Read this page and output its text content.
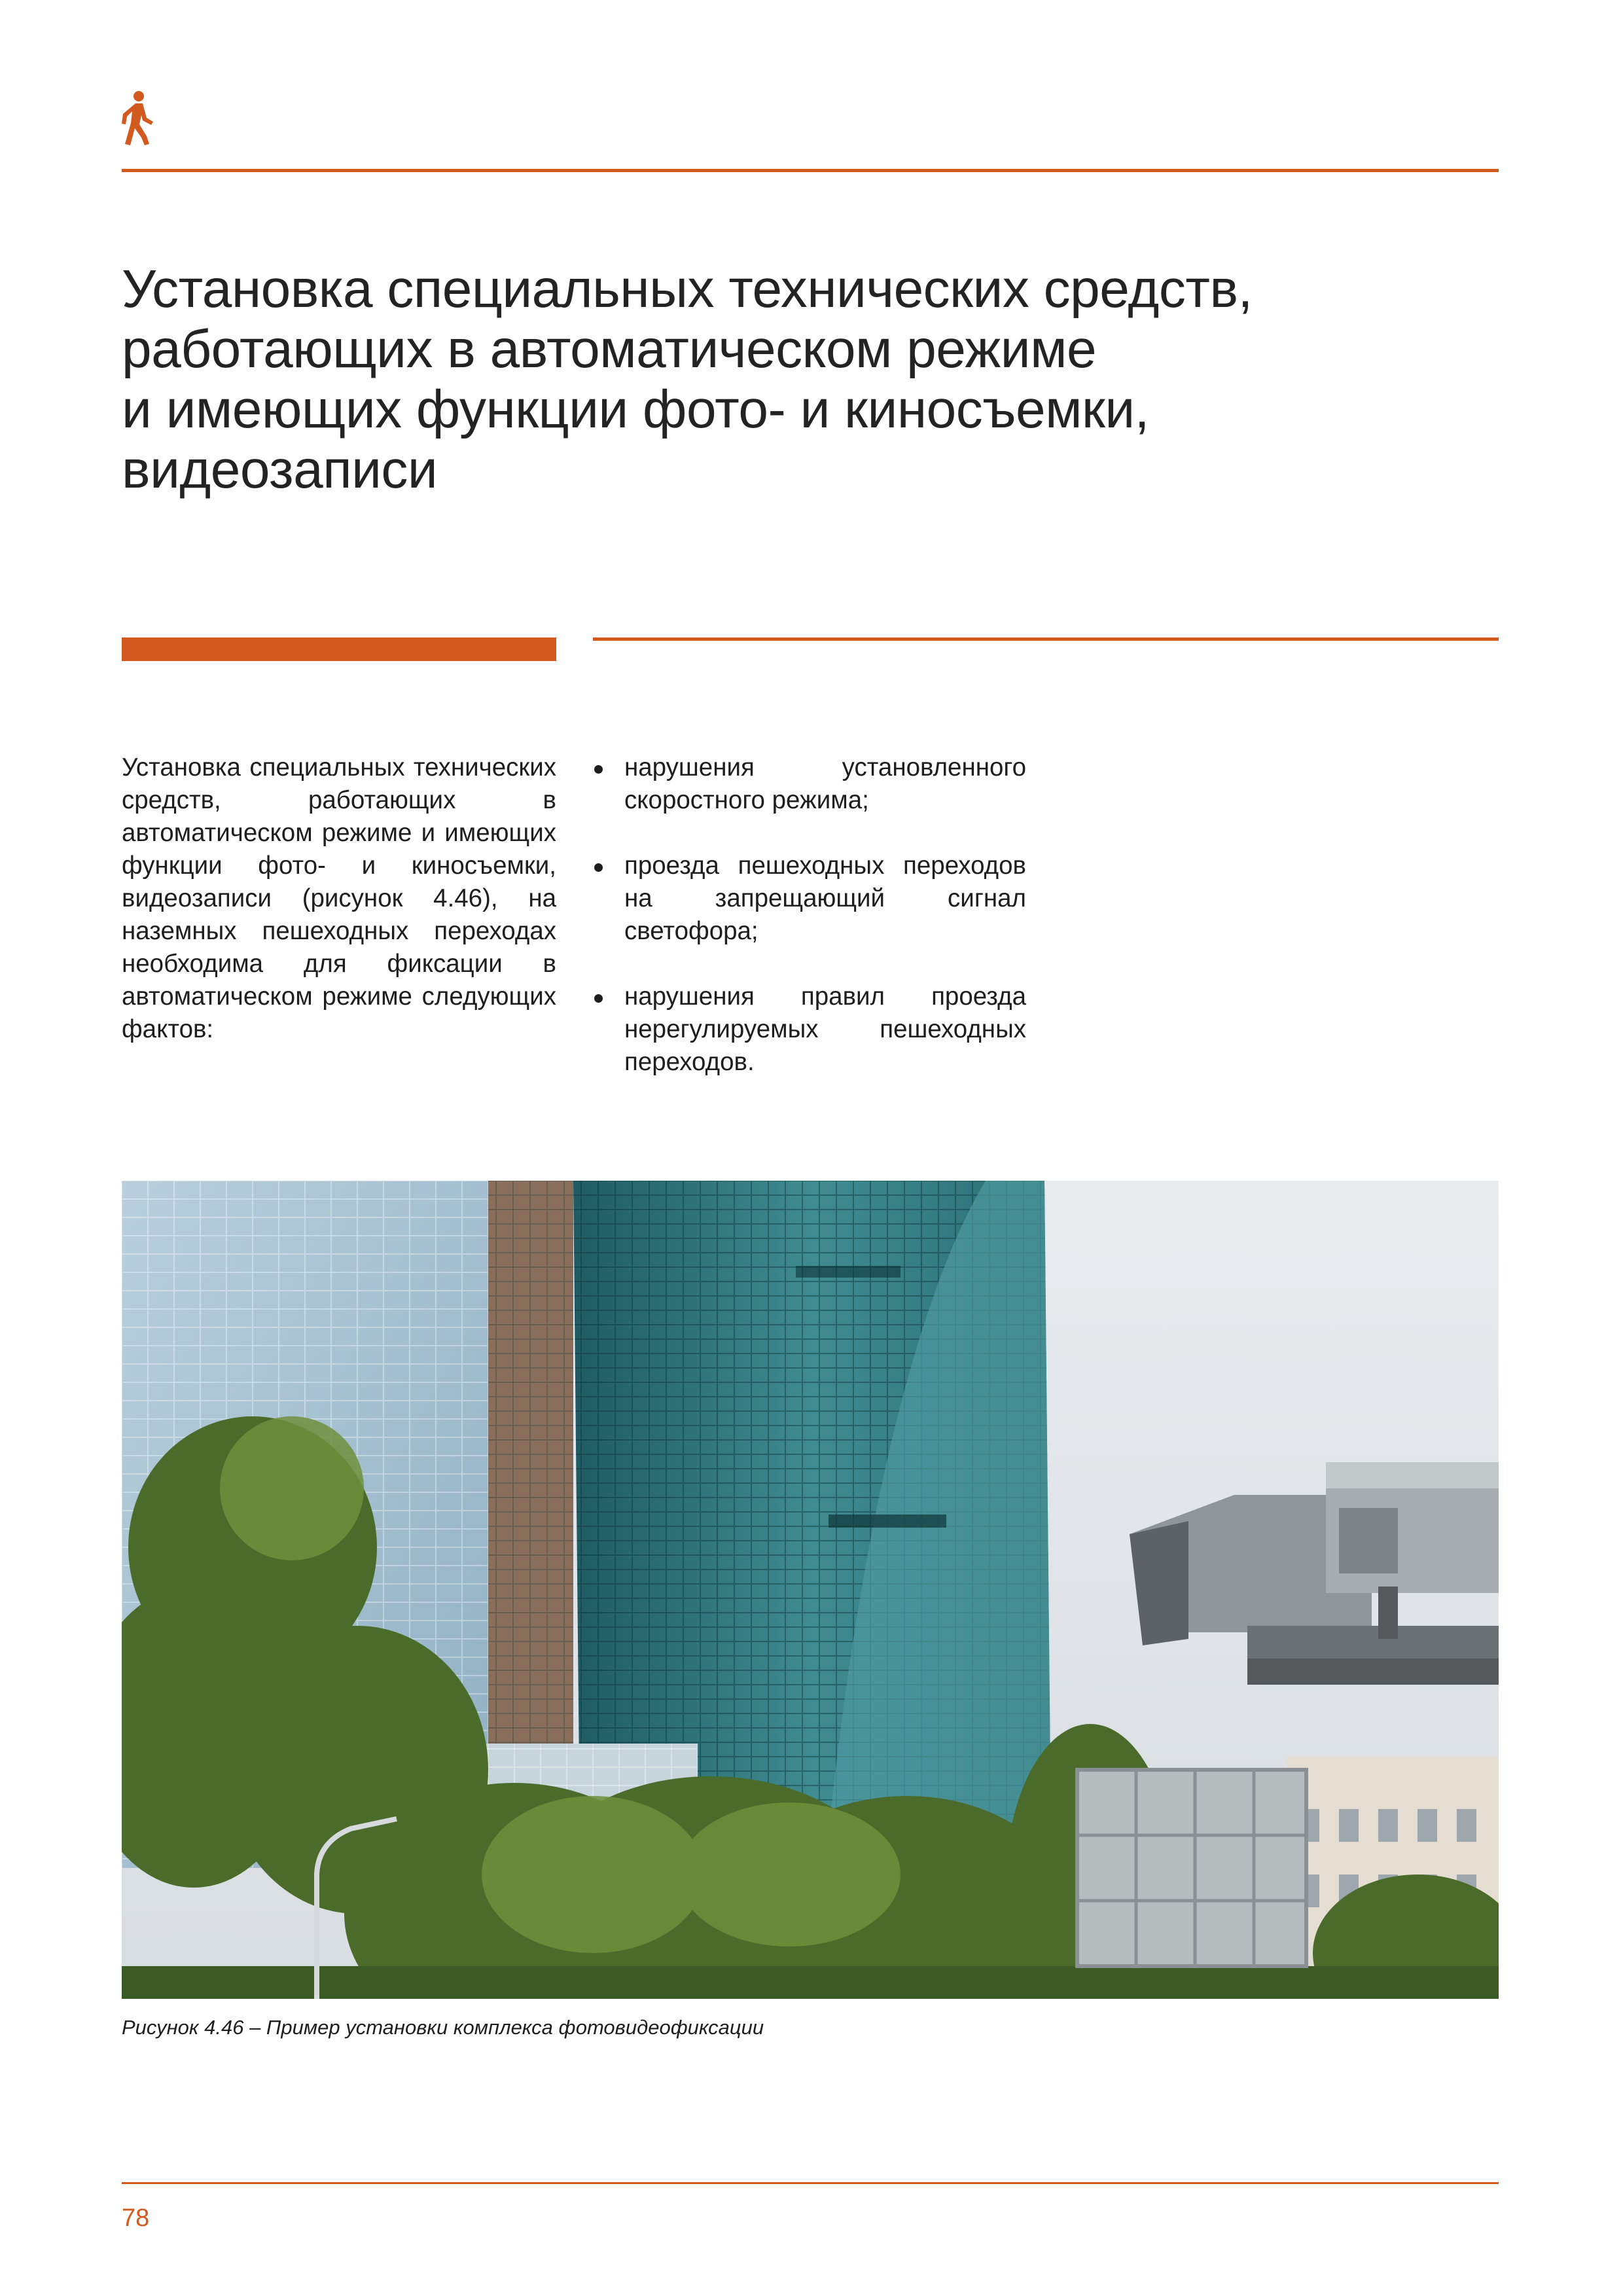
Установка специальных технических средств,
работающих в автоматическом режиме
и имеющих функции фото- и киносъемки,
видеозаписи

Установка специальных технических средств, работающих в автоматическом режиме и имеющих функции фото- и киносъемки, видеозаписи (рисунок 4.46), на наземных пешеходных переходах необходима для фиксации в автоматическом режиме следующих фактов:

нарушения установленного скоростного режима;
проезда пешеходных переходов на запрещающий сигнал светофора;
нарушения правил проезда нерегулируемых пешеходных переходов.

Рисунок 4.46 – Пример установки комплекса фотовидеофиксации

78
